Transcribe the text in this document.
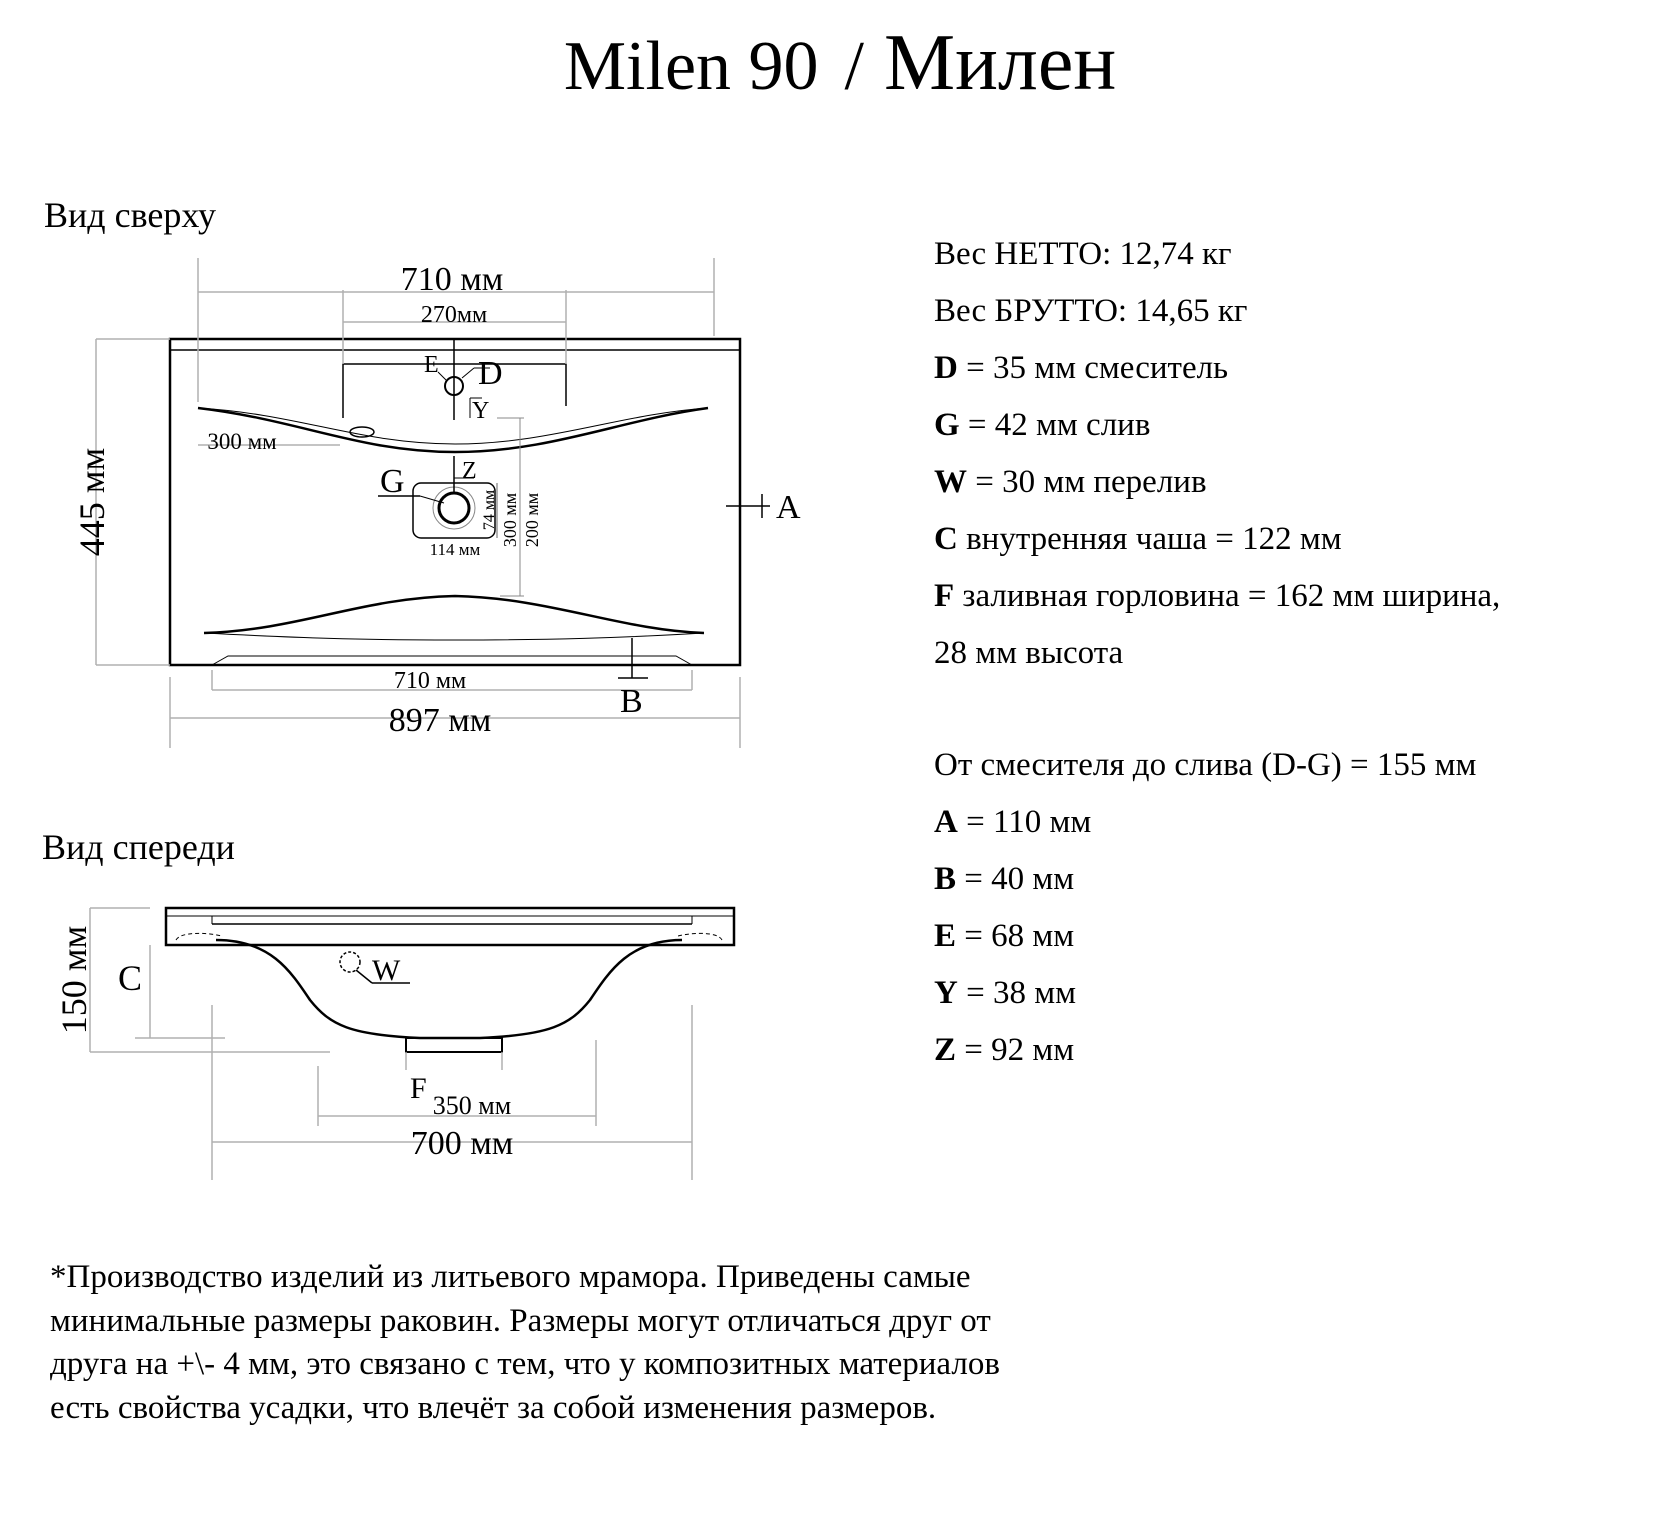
Milen 90 / Милен
Вид сверху
Вид спереди
710 мм
270мм
445 мм
300 мм
114 мм
74 мм 300 мм 200 мм
710 мм
897 мм
E D
Y
G Z
A
B
150 мм C	W
F
350 мм
700 мм
Вес НЕТТО: 12,74 кг
Вес БРУТТО: 14,65 кг
D = 35 мм смеситель
G = 42 мм слив
W = 30 мм перелив
C внутренняя чаша = 122 мм
F заливная горловина = 162 мм ширина,
28 мм высота
От смесителя до слива (D-G) = 155 мм
A = 110 мм
B = 40 мм
E = 68 мм
Y = 38 мм
Z = 92 мм
*Производство изделий из литьевого мрамора. Приведены самые минимальные размеры раковин. Размеры могут отличаться друг от друга на +\- 4 мм, это связано с тем, что у композитных материалов есть свойства усадки, что влечёт за собой изменения размеров.
